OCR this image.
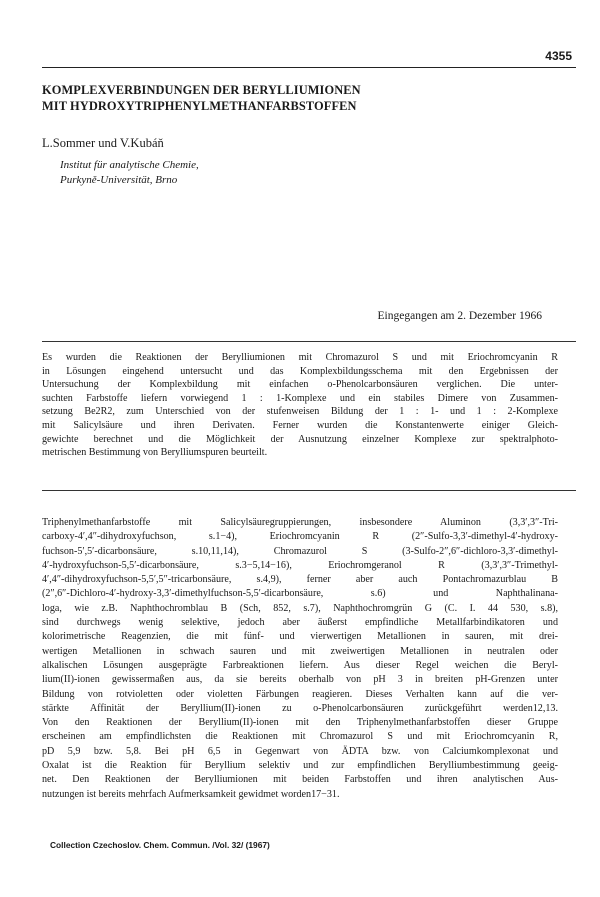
4355
KOMPLEXVERBINDUNGEN DER BERYLLIUMIONEN
MIT HYDROXYTRIPHENYLMETHANFARBSTOFFEN
L.Sommer und V.Kubáň
Institut für analytische Chemie,
Purkyně-Universität, Brno
Eingegangen am 2. Dezember 1966
Es wurden die Reaktionen der Berylliumionen mit Chromazurol S und mit Eriochromcyanin R
in Lösungen eingehend untersucht und das Komplexbildungsschema mit den Ergebnissen der
Untersuchung der Komplexbildung mit einfachen o-Phenolcarbonsäuren verglichen. Die unter-
suchten Farbstoffe liefern vorwiegend 1 : 1-Komplexe und ein stabiles Dimere von Zusammen-
setzung Be2R2, zum Unterschied von der stufenweisen Bildung der 1 : 1- und 1 : 2-Komplexe
mit Salicylsäure und ihren Derivaten. Ferner wurden die Konstantenwerte einiger Gleich-
gewichte berechnet und die Möglichkeit der Ausnutzung einzelner Komplexe zur spektralphoto-
metrischen Bestimmung von Berylliumspuren beurteilt.
Triphenylmethanfarbstoffe mit Salicylsäuregruppierungen, insbesondere Aluminon (3,3′,3″-Tri-
carboxy-4′,4″-dihydroxyfuchson, s.1−4), Eriochromcyanin R (2″-Sulfo-3,3′-dimethyl-4′-hydroxy-
fuchson-5′,5′-dicarbonsäure, s.10,11,14), Chromazurol S (3-Sulfo-2″,6″-dichloro-3,3′-dimethyl-
4′-hydroxyfuchson-5,5′-dicarbonsäure, s.3−5,14−16), Eriochromgeranol R (3,3′,3″-Trimethyl-
4′,4″-dihydroxyfuchson-5,5′,5″-tricarbonsäure, s.4,9), ferner aber auch Pontachromazurblau B
(2″,6″-Dichloro-4′-hydroxy-3,3′-dimethylfuchson-5,5′-dicarbonsäure, s.6) und Naphthalinana-
loga, wie z.B. Naphthochromblau B (Sch, 852, s.7), Naphthochromgrün G (C. I. 44 530, s.8),
sind durchwegs wenig selektive, jedoch aber äußerst empfindliche Metallfarbindikatoren und
kolorimetrische Reagenzien, die mit fünf- und vierwertigen Metallionen in sauren, mit drei-
wertigen Metallionen in schwach sauren und mit zweiwertigen Metallionen in neutralen oder
alkalischen Lösungen ausgeprägte Farbreaktionen liefern. Aus dieser Regel weichen die Beryl-
lium(II)-ionen gewissermaßen aus, da sie bereits oberhalb von pH 3 in breiten pH-Grenzen unter
Bildung von rotvioletten oder violetten Färbungen reagieren. Dieses Verhalten kann auf die ver-
stärkte Affinität der Beryllium(II)-ionen zu o-Phenolcarbonsäuren zurückgeführt werden12,13.
Von den Reaktionen der Beryllium(II)-ionen mit den Triphenylmethanfarbstoffen dieser Gruppe
erscheinen am empfindlichsten die Reaktionen mit Chromazurol S und mit Eriochromcyanin R,
pD 5,9 bzw. 5,8. Bei pH 6,5 in Gegenwart von ÄDTA bzw. von Calciumkomplexonat und
Oxalat ist die Reaktion für Beryllium selektiv und zur empfindlichen Berylliumbestimmung geeig-
net. Den Reaktionen der Berylliumionen mit beiden Farbstoffen und ihren analytischen Aus-
nutzungen ist bereits mehrfach Aufmerksamkeit gewidmet worden17−31.
Collection Czechoslov. Chem. Commun. /Vol. 32/ (1967)
